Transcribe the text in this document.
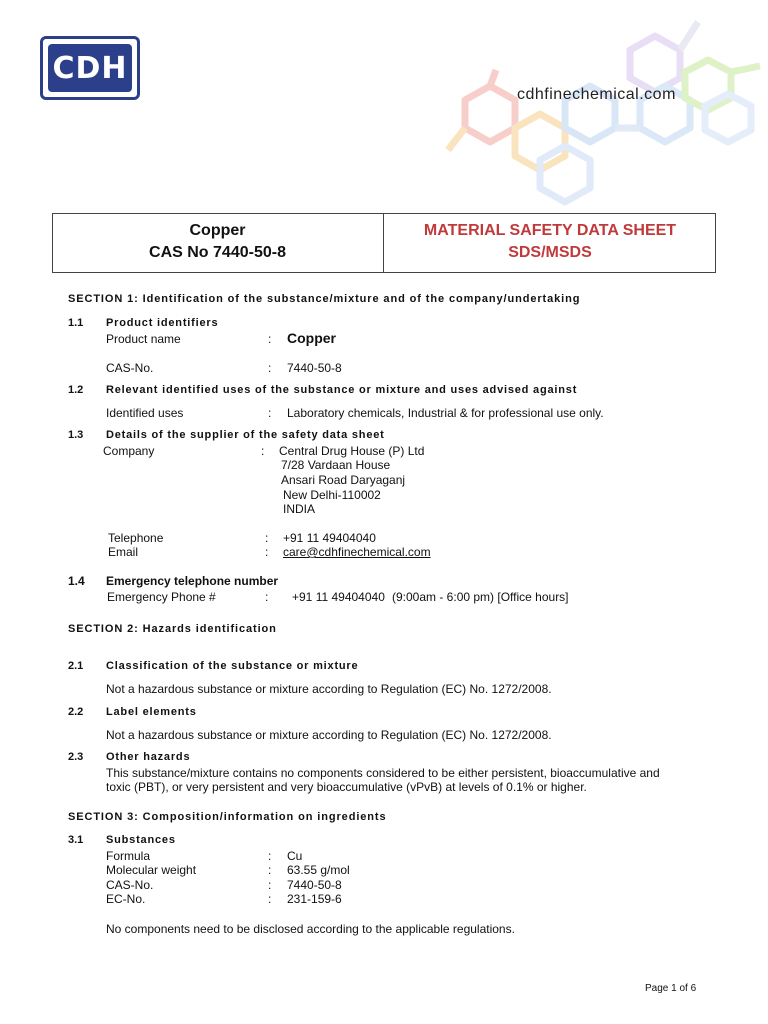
CDH
cdhfinechemical.com
Copper
CAS No 7440-50-8
MATERIAL SAFETY DATA SHEET
SDS/MSDS
SECTION 1: Identification of the substance/mixture and of the company/undertaking
1.1 Product identifiers
Product name	: Copper
CAS-No.	: 7440-50-8
1.2 Relevant identified uses of the substance or mixture and uses advised against
Identified uses	: Laboratory chemicals, Industrial & for professional use only.
1.3 Details of the supplier of the safety data sheet
Company	: Central Drug House (P) Ltd
7/28 Vardaan House
Ansari Road Daryaganj
New Delhi-110002
INDIA
Telephone	: +91 11 49404040
Email	: care@cdhfinechemical.com
1.4 Emergency telephone number
Emergency Phone #	: +91 11 49404040 (9:00am - 6:00 pm) [Office hours]
SECTION 2: Hazards identification
2.1 Classification of the substance or mixture
Not a hazardous substance or mixture according to Regulation (EC) No. 1272/2008.
2.2 Label elements
Not a hazardous substance or mixture according to Regulation (EC) No. 1272/2008.
2.3 Other hazards
This substance/mixture contains no components considered to be either persistent, bioaccumulative and
toxic (PBT), or very persistent and very bioaccumulative (vPvB) at levels of 0.1% or higher.
SECTION 3: Composition/information on ingredients
3.1 Substances
Formula	: Cu
Molecular weight	: 63.55 g/mol
CAS-No.	: 7440-50-8
EC-No.	: 231-159-6
No components need to be disclosed according to the applicable regulations.
Page 1 of 6
